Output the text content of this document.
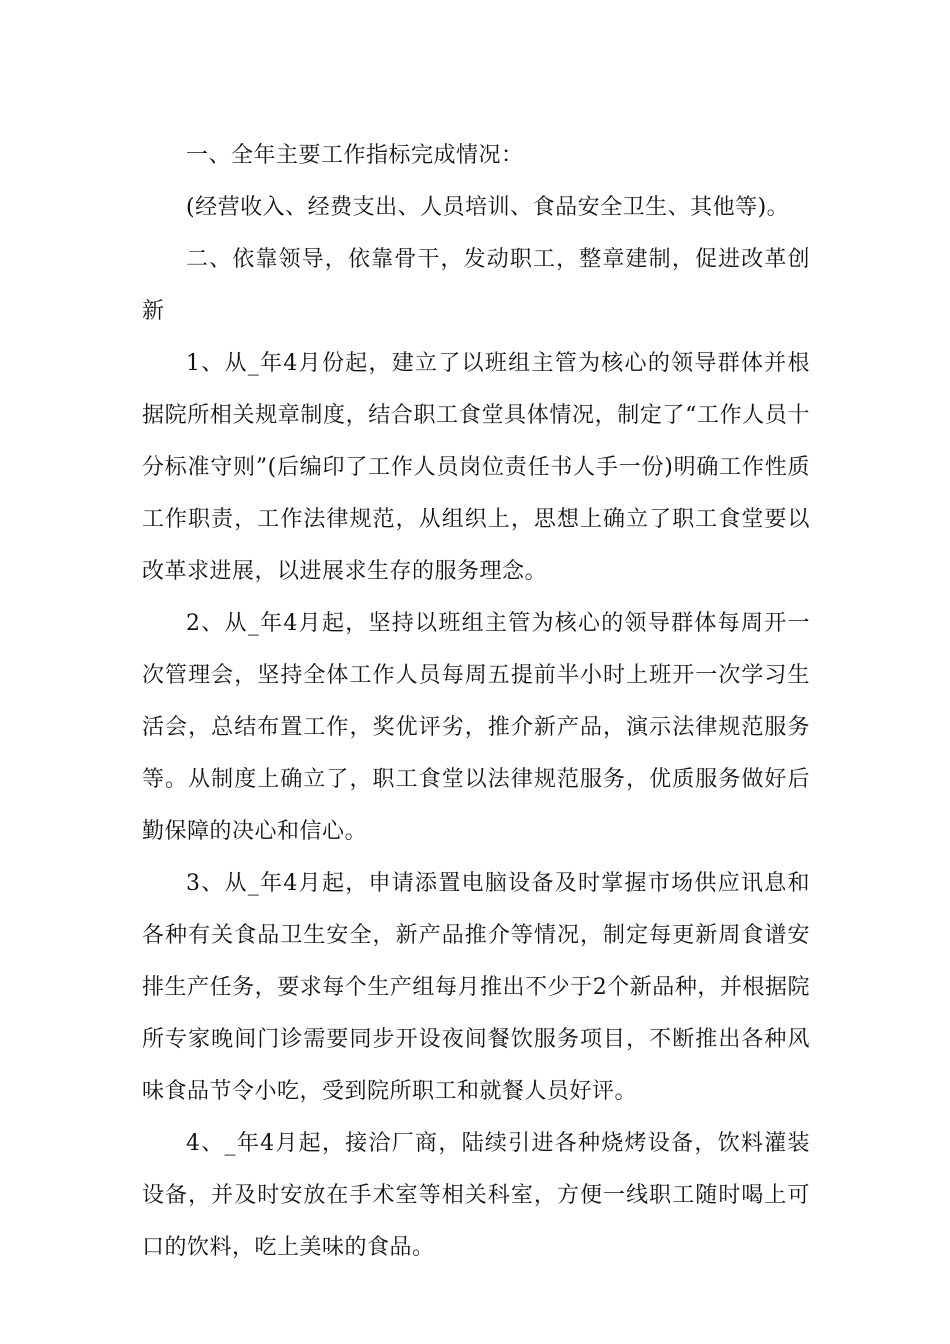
一、全年主要工作指标完成情况：

(经营收入、经费支出、人员培训、食品安全卫生、其他等)。

二、依靠领导，依靠骨干，发动职工，整章建制，促进改革创新

1、从_年4月份起，建立了以班组主管为核心的领导群体并根据院所相关规章制度，结合职工食堂具体情况，制定了“工作人员十分标准守则”(后编印了工作人员岗位责任书人手一份)明确工作性质工作职责，工作法律规范，从组织上，思想上确立了职工食堂要以改革求进展，以进展求生存的服务理念。

2、从_年4月起，坚持以班组主管为核心的领导群体每周开一次管理会，坚持全体工作人员每周五提前半小时上班开一次学习生活会，总结布置工作，奖优评劣，推介新产品，演示法律规范服务等。从制度上确立了，职工食堂以法律规范服务，优质服务做好后勤保障的决心和信心。

3、从_年4月起，申请添置电脑设备及时掌握市场供应讯息和各种有关食品卫生安全，新产品推介等情况，制定每更新周食谱安排生产任务，要求每个生产组每月推出不少于2个新品种，并根据院所专家晚间门诊需要同步开设夜间餐饮服务项目，不断推出各种风味食品节令小吃，受到院所职工和就餐人员好评。

4、_年4月起，接洽厂商，陆续引进各种烧烤设备，饮料灌装设备，并及时安放在手术室等相关科室，方便一线职工随时喝上可口的饮料，吃上美味的食品。
